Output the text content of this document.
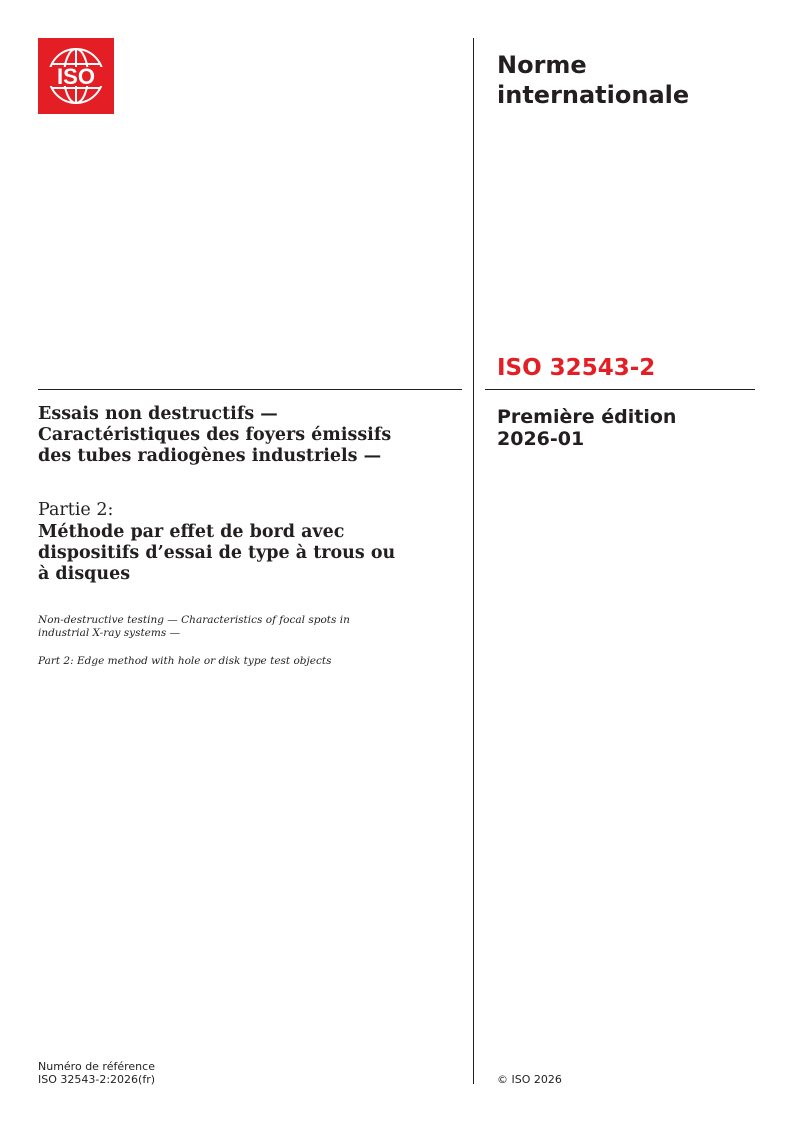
ISO	Norme
internationale
ISO 32543-2
Première édition
2026-01
Essais non destructifs —
Caractéristiques des foyers émissifs
des tubes radiogènes industriels —
Partie 2:
Méthode par effet de bord avec
dispositifs d’essai de type à trous ou
à disques
Non-destructive testing — Characteristics of focal spots in
industrial X-ray systems —
Part 2: Edge method with hole or disk type test objects
Numéro de référence
ISO 32543-2:2026(fr)	© ISO 2026
